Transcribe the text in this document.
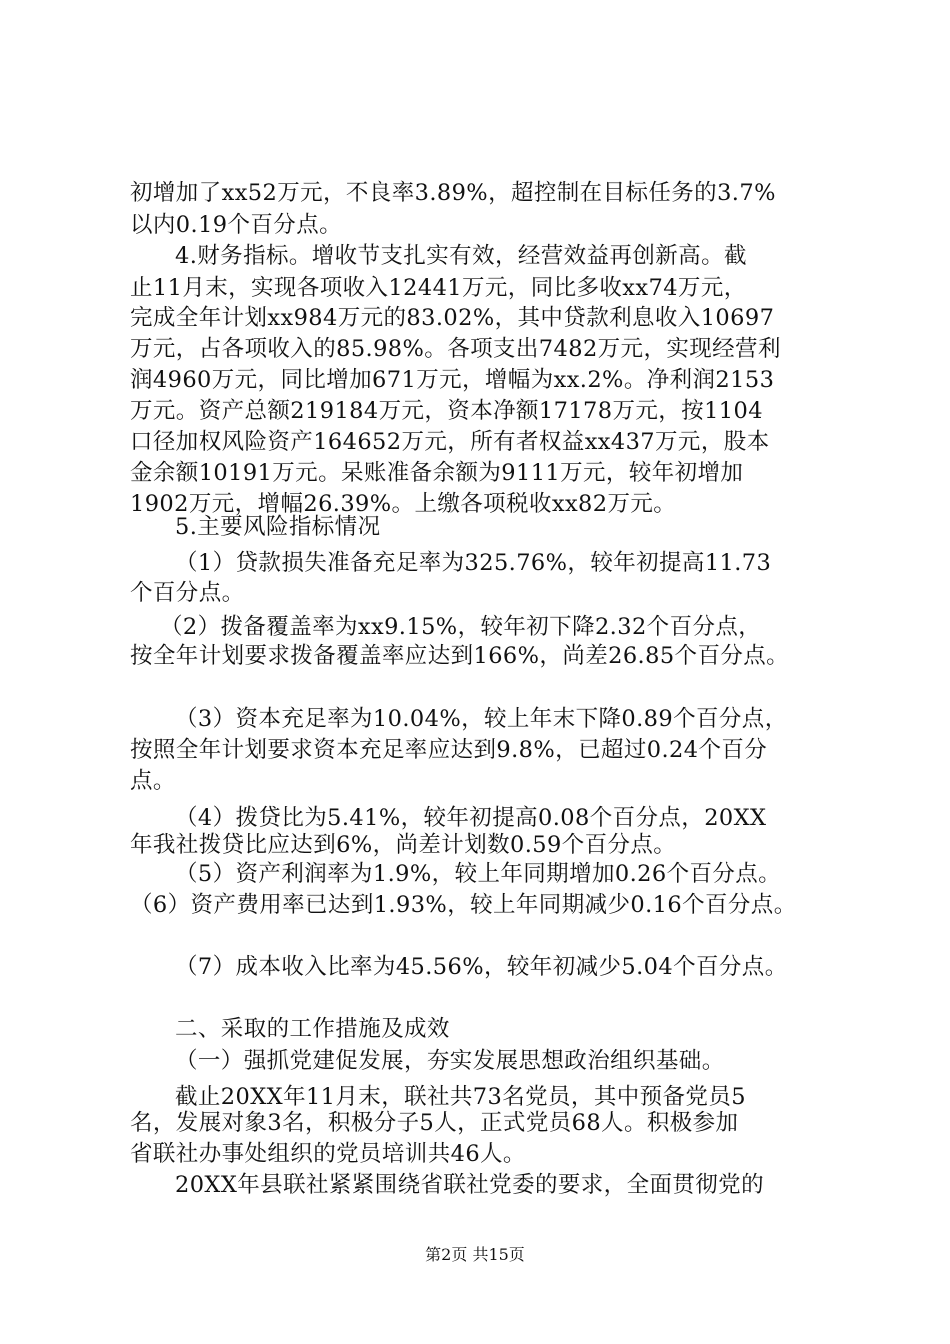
初增加了xx52万元，不良率3.89%，超控制在目标任务的3.7%
以内0.19个百分点。
4.财务指标。增收节支扎实有效，经营效益再创新高。截
止11月末，实现各项收入12441万元，同比多收xx74万元，
完成全年计划xx984万元的83.02%，其中贷款利息收入10697
万元，占各项收入的85.98%。各项支出7482万元，实现经营利
润4960万元，同比增加671万元，增幅为xx.2%。净利润2153
万元。资产总额219184万元，资本净额17178万元，按1104
口径加权风险资产164652万元，所有者权益xx437万元，股本
金余额10191万元。呆账准备余额为9111万元，较年初增加
1902万元，增幅26.39%。上缴各项税收xx82万元。
5.主要风险指标情况
（1）贷款损失准备充足率为325.76%，较年初提高11.73
个百分点。
（2）拨备覆盖率为xx9.15%，较年初下降2.32个百分点，
按全年计划要求拨备覆盖率应达到166%，尚差26.85个百分点。
（3）资本充足率为10.04%，较上年末下降0.89个百分点，
按照全年计划要求资本充足率应达到9.8%，已超过0.24个百分
点。
（4）拨贷比为5.41%，较年初提高0.08个百分点，20XX
年我社拨贷比应达到6%，尚差计划数0.59个百分点。
（5）资产利润率为1.9%，较上年同期增加0.26个百分点。
（6）资产费用率已达到1.93%，较上年同期减少0.16个百分点。
（7）成本收入比率为45.56%，较年初减少5.04个百分点。
二、采取的工作措施及成效
（一）强抓党建促发展，夯实发展思想政治组织基础。
截止20XX年11月末，联社共73名党员，其中预备党员5
名，发展对象3名，积极分子5人，正式党员68人。积极参加
省联社办事处组织的党员培训共46人。
20XX年县联社紧紧围绕省联社党委的要求，全面贯彻党的
第2页 共15页
